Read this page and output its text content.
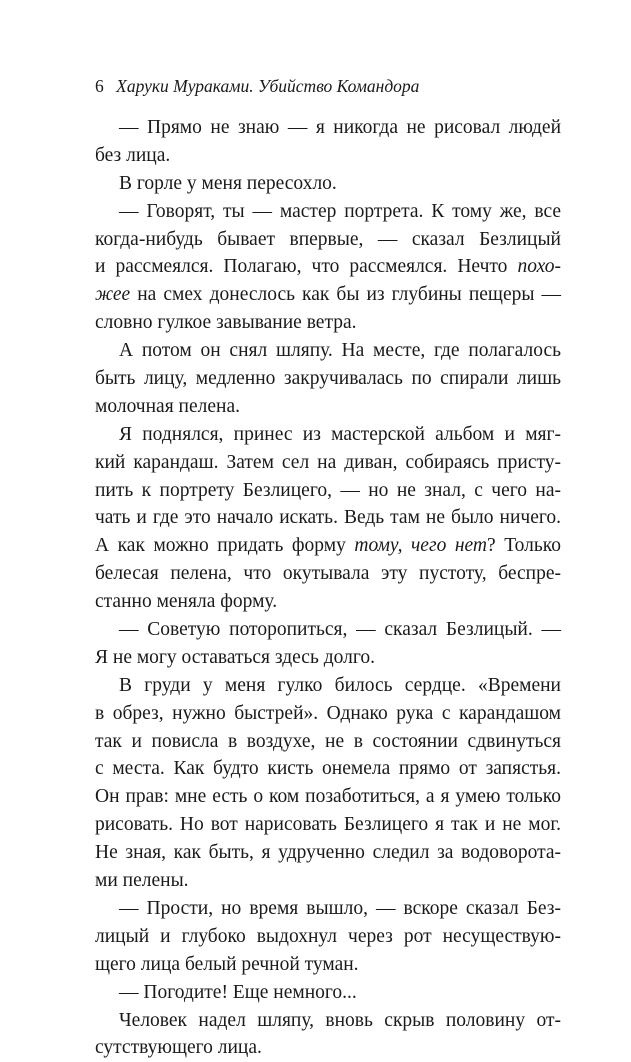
6 Харуки Мураками. Убийство Командора
— Прямо не знаю — я никогда не рисовал людей
без лица.
В горле у меня пересохло.
— Говорят, ты — мастер портрета. К тому же, все
когда-нибудь бывает впервые, — сказал Безлицый
и рассмеялся. Полагаю, что рассмеялся. Нечто похо-
жее на смех донеслось как бы из глубины пещеры —
словно гулкое завывание ветра.
А потом он снял шляпу. На месте, где полагалось
быть лицу, медленно закручивалась по спирали лишь
молочная пелена.
Я поднялся, принес из мастерской альбом и мяг-
кий карандаш. Затем сел на диван, собираясь присту-
пить к портрету Безлицего, — но не знал, с чего на-
чать и где это начало искать. Ведь там не было ничего.
А как можно придать форму тому, чего нет? Только
белесая пелена, что окутывала эту пустоту, беспре-
станно меняла форму.
— Советую поторопиться, — сказал Безлицый. —
Я не могу оставаться здесь долго.
В груди у меня гулко билось сердце. «Времени
в обрез, нужно быстрей». Однако рука с карандашом
так и повисла в воздухе, не в состоянии сдвинуться
с места. Как будто кисть онемела прямо от запястья.
Он прав: мне есть о ком позаботиться, а я умею только
рисовать. Но вот нарисовать Безлицего я так и не мог.
Не зная, как быть, я удрученно следил за водоворота-
ми пелены.
— Прости, но время вышло, — вскоре сказал Без-
лицый и глубоко выдохнул через рот несуществую-
щего лица белый речной туман.
— Погодите! Еще немного...
Человек надел шляпу, вновь скрыв половину от-
сутствующего лица.
